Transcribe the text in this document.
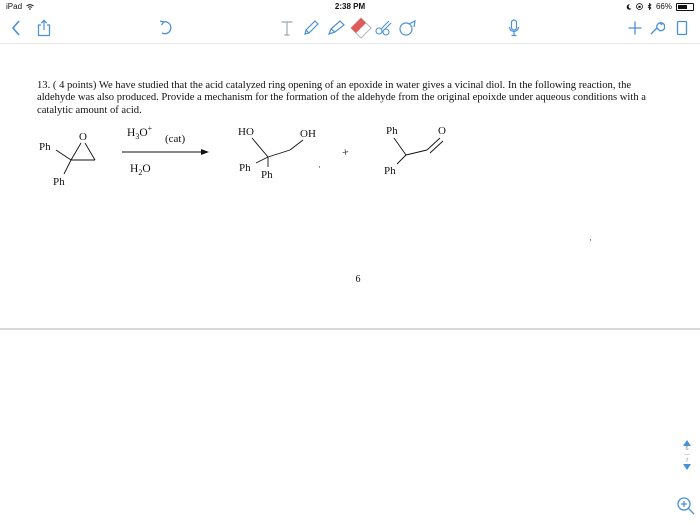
iPad	2:38 PM	66%
13. ( 4 points) We have studied that the acid catalyzed ring opening of an epoxide in water gives a vicinal diol. In the following reaction, the aldehyde was also produced. Provide a mechanism for the formation of the aldehyde from the original epoixde under aqueous conditions with a catalytic amount of acid.
Ph
O
Ph
$H_3O^+$
(cat)
$H_2O$
HO	OH
Ph
Ph
·
+
Ph	O
Ph
·
6
6
—
7
